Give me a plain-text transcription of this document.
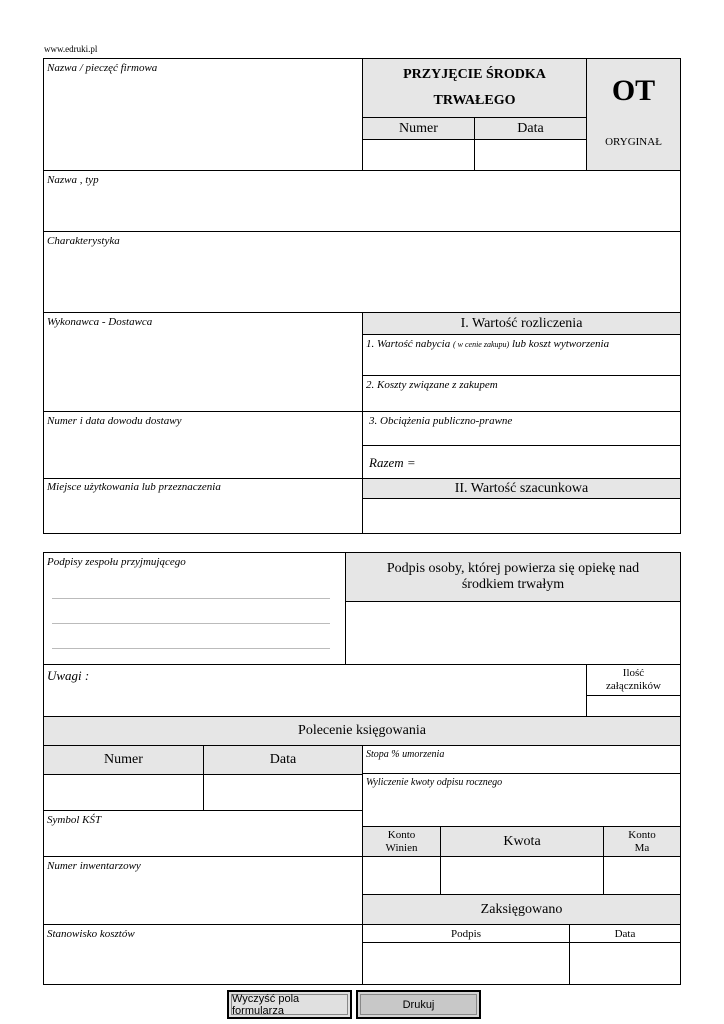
www.edruki.pl
Nazwa / pieczęć firmowa	PRZYJĘCIE ŚRODKA
TRWAŁEGO
Numer	Data
OT
ORYGINAŁ
Nazwa , typ
Charakterystyka
Wykonawca - Dostawca
Numer i data dowodu dostawy
Miejsce użytkowania lub przeznaczenia
I. Wartość rozliczenia
1. Wartość nabycia ( w cenie zakupu) lub koszt wytworzenia
2. Koszty związane z zakupem
3. Obciążenia publiczno-prawne
Razem =
II. Wartość szacunkowa
Podpisy zespołu przyjmującego	Podpis osoby, której powierza się opiekę nad środkiem trwałym
Uwagi :	Ilość
załączników
Polecenie księgowania
Numer	Data
Symbol KŚT
Numer inwentarzowy
Stanowisko kosztów
Stopa % umorzenia
Wyliczenie kwoty odpisu rocznego
Konto
Winien	Kwota	Konto
Ma
Zaksięgowano
Podpis	Data
Wyczyść pola formularza	Drukuj
